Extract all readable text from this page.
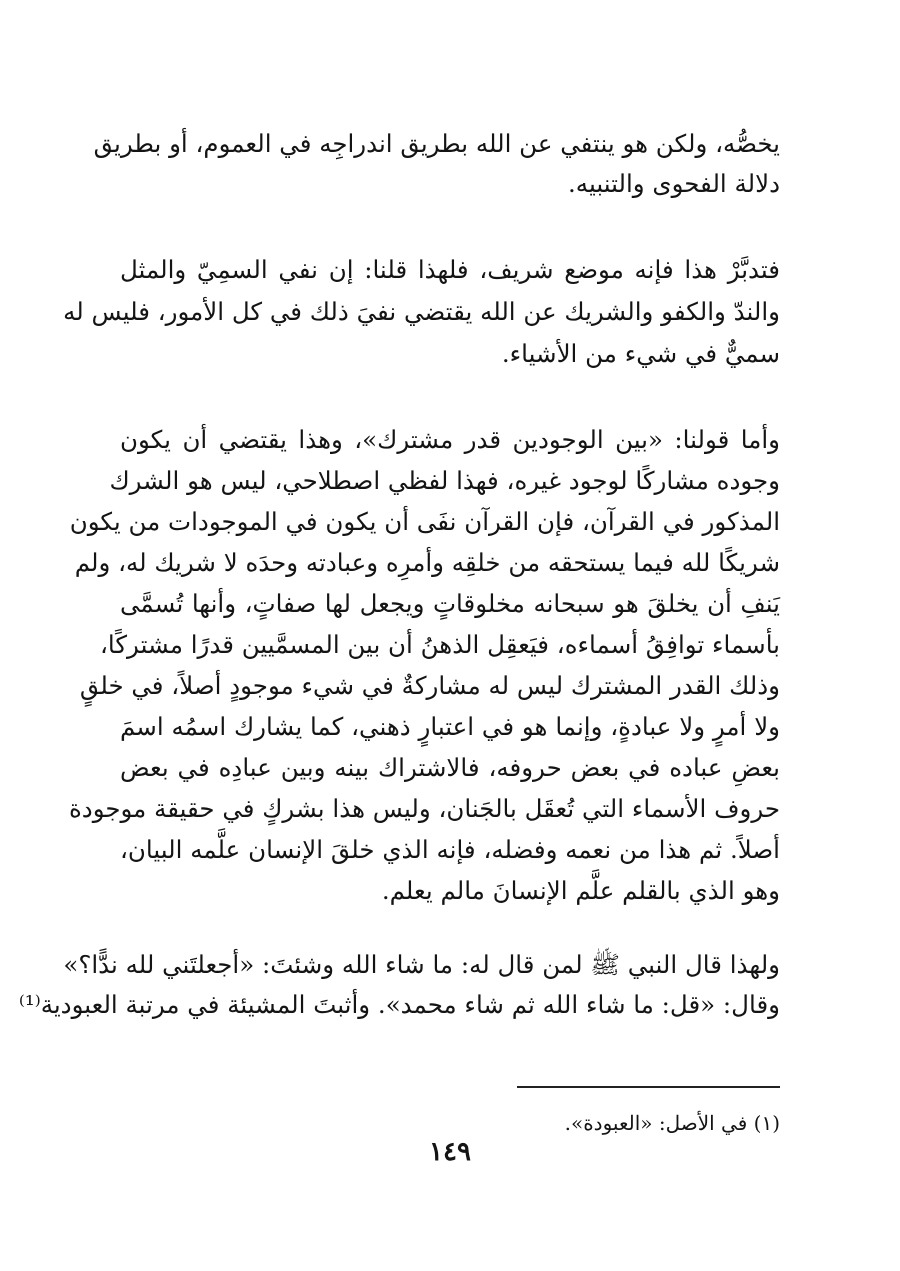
يخصُّه، ولكن هو ينتفي عن الله بطريق اندراجِه في العموم، أو بطريق
دلالة الفحوى والتنبيه.
فتدبَّرْ هذا فإنه موضع شريف، فلهذا قلنا: إن نفي السمِيّ والمثل
والندّ والكفو والشريك عن الله يقتضي نفيَ ذلك في كل الأمور، فليس له
سميٌّ في شيء من الأشياء.
وأما قولنا: «بين الوجودين قدر مشترك»، وهذا يقتضي أن يكون
وجوده مشاركًا لوجود غيره، فهذا لفظي اصطلاحي، ليس هو الشرك
المذكور في القرآن، فإن القرآن نفَى أن يكون في الموجودات من يكون
شريكًا لله فيما يستحقه من خلقِه وأمرِه وعبادته وحدَه لا شريك له، ولم
يَنفِ أن يخلقَ هو سبحانه مخلوقاتٍ ويجعل لها صفاتٍ، وأنها تُسمَّى
بأسماء توافِقُ أسماءه، فيَعقِل الذهنُ أن بين المسمَّيين قدرًا مشتركًا،
وذلك القدر المشترك ليس له مشاركةٌ في شيء موجودٍ أصلاً، في خلقٍ
ولا أمرٍ ولا عبادةٍ، وإنما هو في اعتبارٍ ذهني، كما يشارك اسمُه اسمَ
بعضِ عباده في بعض حروفه، فالاشتراك بينه وبين عبادِه في بعض
حروف الأسماء التي تُعقَل بالجَنان، وليس هذا بشركٍ في حقيقة موجودة
أصلاً. ثم هذا من نعمه وفضله، فإنه الذي خلقَ الإنسان علَّمه البيان،
وهو الذي بالقلم علَّم الإنسانَ مالم يعلم.
ولهذا قال النبي ﷺ لمن قال له: ما شاء الله وشئتَ: «أجعلتَني لله ندًّا؟»
وقال: «قل: ما شاء الله ثم شاء محمد». وأثبتَ المشيئة في مرتبة العبودية⁽¹⁾
(١) في الأصل: «العبودة».
١٤٩
